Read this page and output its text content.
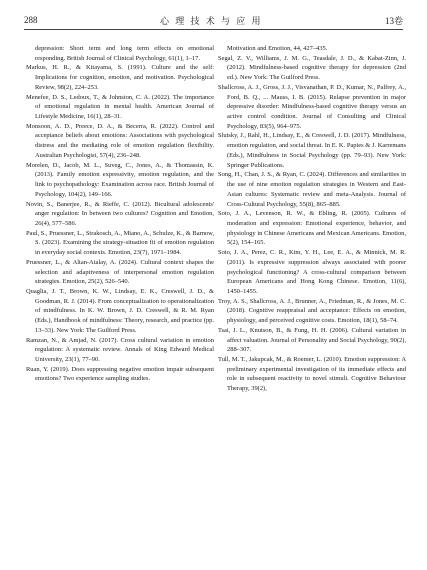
288	心 理 技 术 与 应 用	13卷

depression: Short term and long term effects on emotional responding. British Journal of Clinical Psychology, 61(1), 1–17.

Markus, H. R., & Kitayama, S. (1991). Culture and the self: Implications for cognition, emotion, and motivation. Psychological Review, 98(2), 224–253.

Menefee, D. S., Ledoux, T., & Johnston, C. A. (2022). The importance of emotional regulation in mental health. American Journal of Lifestyle Medicine, 16(1), 28–31.

Monsoon, A. D., Preece, D. A., & Becerra, R. (2022). Control and acceptance beliefs about emotions: Associations with psychological distress and the mediating role of emotion regulation flexibility. Australian Psychologist, 57(4), 236–248.

Morelen, D., Jacob, M. L., Suveg, C., Jones, A., & Thomassin, K. (2013). Family emotion expressivity, emotion regulation, and the link to psychopathology: Examination across race. British Journal of Psychology, 104(2), 149–166.

Novin, S., Banerjee, R., & Rieffe, C. (2012). Bicultural adolescents' anger regulation: In between two cultures? Cognition and Emotion, 26(4), 577–586.

Paul, S., Pruessner, L., Strakosch, A., Miano, A., Schulze, K., & Barnow, S. (2023). Examining the strategy-situation fit of emotion regulation in everyday social contexts. Emotion, 23(7), 1971–1984.

Pruessner, L., & Altan-Atalay, A. (2024). Cultural context shapes the selection and adaptiveness of interpersonal emotion regulation strategies. Emotion, 25(2), 526–540.

Quaglia, J. T., Brown, K. W., Lindsay, E. K., Creswell, J. D., & Goodman, R. J. (2014). From conceptualization to operationalization of mindfulness. In K. W. Brown, J. D. Creswell, & R. M. Ryan (Eds.), Handbook of mindfulness: Theory, research, and practice (pp. 13–33). New York: The Guilford Press.

Ramzan, N., & Amjad, N. (2017). Cross cultural variation in emotion regulation: A systematic review. Annals of King Edward Medical University, 23(1), 77–90.

Ruan, Y. (2019). Does suppressing negative emotion impair subsequent emotions? Two experience sampling studies.

Motivation and Emotion, 44, 427–435.

Segal, Z. V., Williams, J. M. G., Teasdale, J. D., & Kabat-Zinn, J. (2012). Mindfulness-based cognitive therapy for depression (2nd ed.). New York: The Guilford Press.

Shallcross, A. J., Gross, J. J., Visvanathan, P. D., Kumar, N., Palfrey, A., Ford, B. Q., ... Mauss, I. B. (2015). Relapse prevention in major depressive disorder: Mindfulness-based cognitive therapy versus an active control condition. Journal of Consulting and Clinical Psychology, 83(5), 964–975.

Slutsky, J., Rahl, H., Lindsay, E., & Creswell, J. D. (2017). Mindfulness, emotion regulation, and social threat. In E. K. Papies & J. Karremans (Eds.), Mindfulness in Social Psychology (pp. 79–93). New York: Springer Publications.

Song, H., Chan, J. S., & Ryan, C. (2024). Differences and similarities in the use of nine emotion regulation strategies in Western and East-Asian cultures: Systematic review and meta-Analysis. Journal of Cross-Cultural Psychology, 55(8), 865–885.

Soto, J. A., Levenson, R. W., & Ebling, R. (2005). Cultures of moderation and expression: Emotional experience, behavior, and physiology in Chinese Americans and Mexican Americans. Emotion, 5(2), 154–165.

Soto, J. A., Perez, C. R., Kim, Y. H., Lee, E. A., & Minnick, M. R. (2011). Is expressive suppression always associated with poorer psychological functioning? A cross-cultural comparison between European Americans and Hong Kong Chinese. Emotion, 11(6), 1450–1455.

Troy, A. S., Shallcross, A. J., Brunner, A., Friedman, R., & Jones, M. C. (2018). Cognitive reappraisal and acceptance: Effects on emotion, physiology, and perceived cognitive costs. Emotion, 18(1), 58–74.

Tsai, J. L., Knutson, B., & Fung, H. H. (2006). Cultural variation in affect valuation. Journal of Personality and Social Psychology, 90(2), 288–307.

Tull, M. T., Jakupcak, M., & Roemer, L. (2010). Emotion suppression: A preliminary experimental investigation of its immediate effects and role in subsequent reactivity to novel stimuli. Cognitive Behaviour Therapy, 39(2),
